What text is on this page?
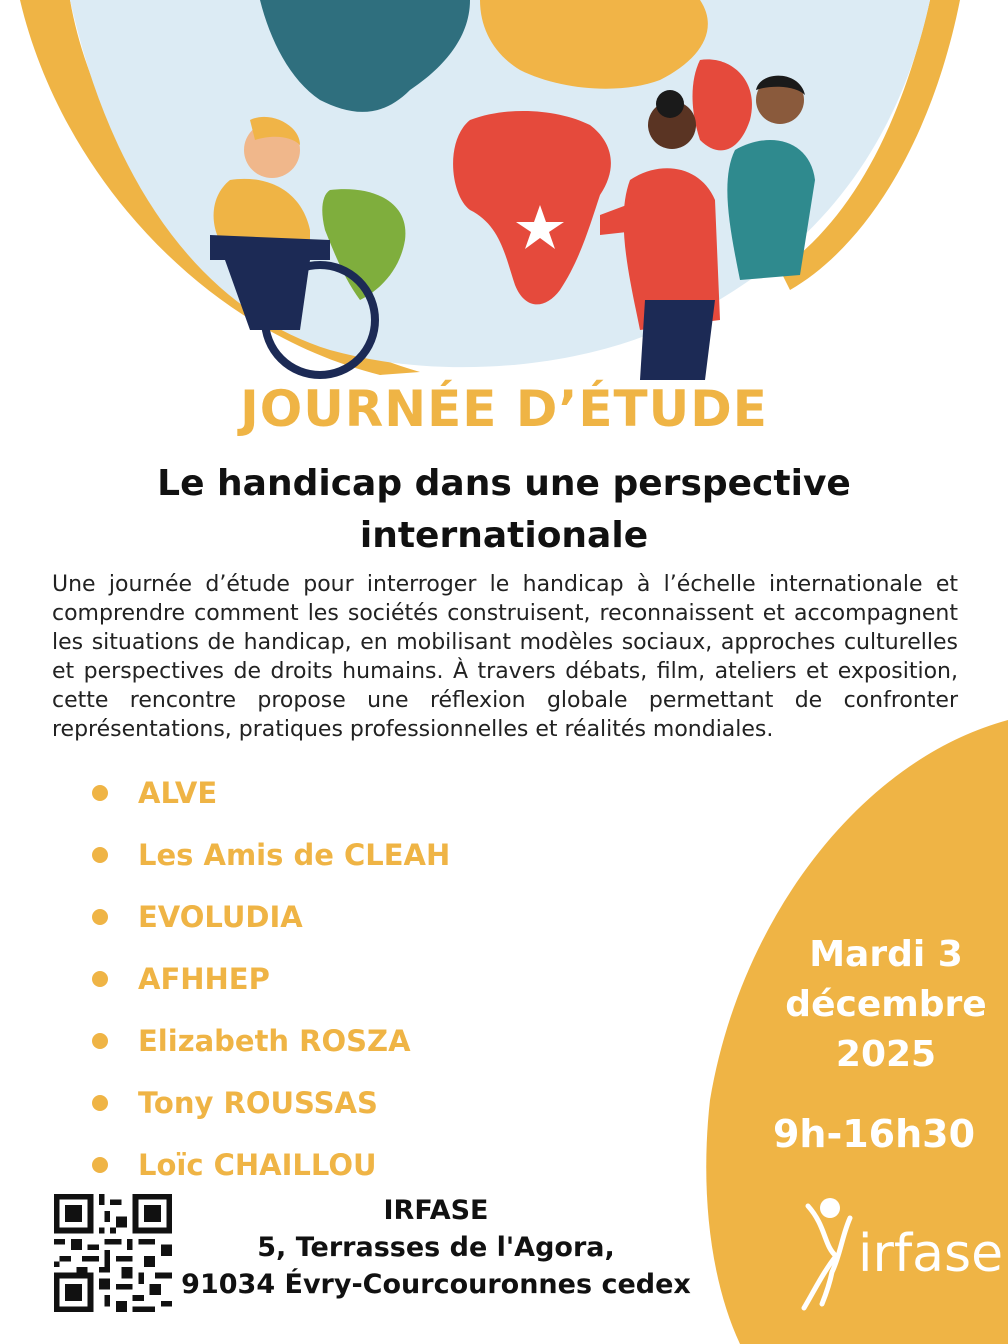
JOURNÉE D’ÉTUDE
Le handicap dans une perspective internationale

Une journée d’étude pour interroger le handicap à l’échelle internationale et comprendre comment les sociétés construisent, reconnaissent et accompagnent les situations de handicap, en mobilisant modèles sociaux, approches culturelles et perspectives de droits humains. À travers débats, film, ateliers et exposition, cette rencontre propose une réflexion globale permettant de confronter représentations, pratiques professionnelles et réalités mondiales.

ALVE
Les Amis de CLEAH
EVOLUDIA
AFHHEP
Elizabeth ROSZA
Tony ROUSSAS
Loïc CHAILLOU
Mardi 3
décembre
2025
9h-16h30
IRFASE
5, Terrasses de l'Agora,
91034 Évry-Courcouronnes cedex
irfase
